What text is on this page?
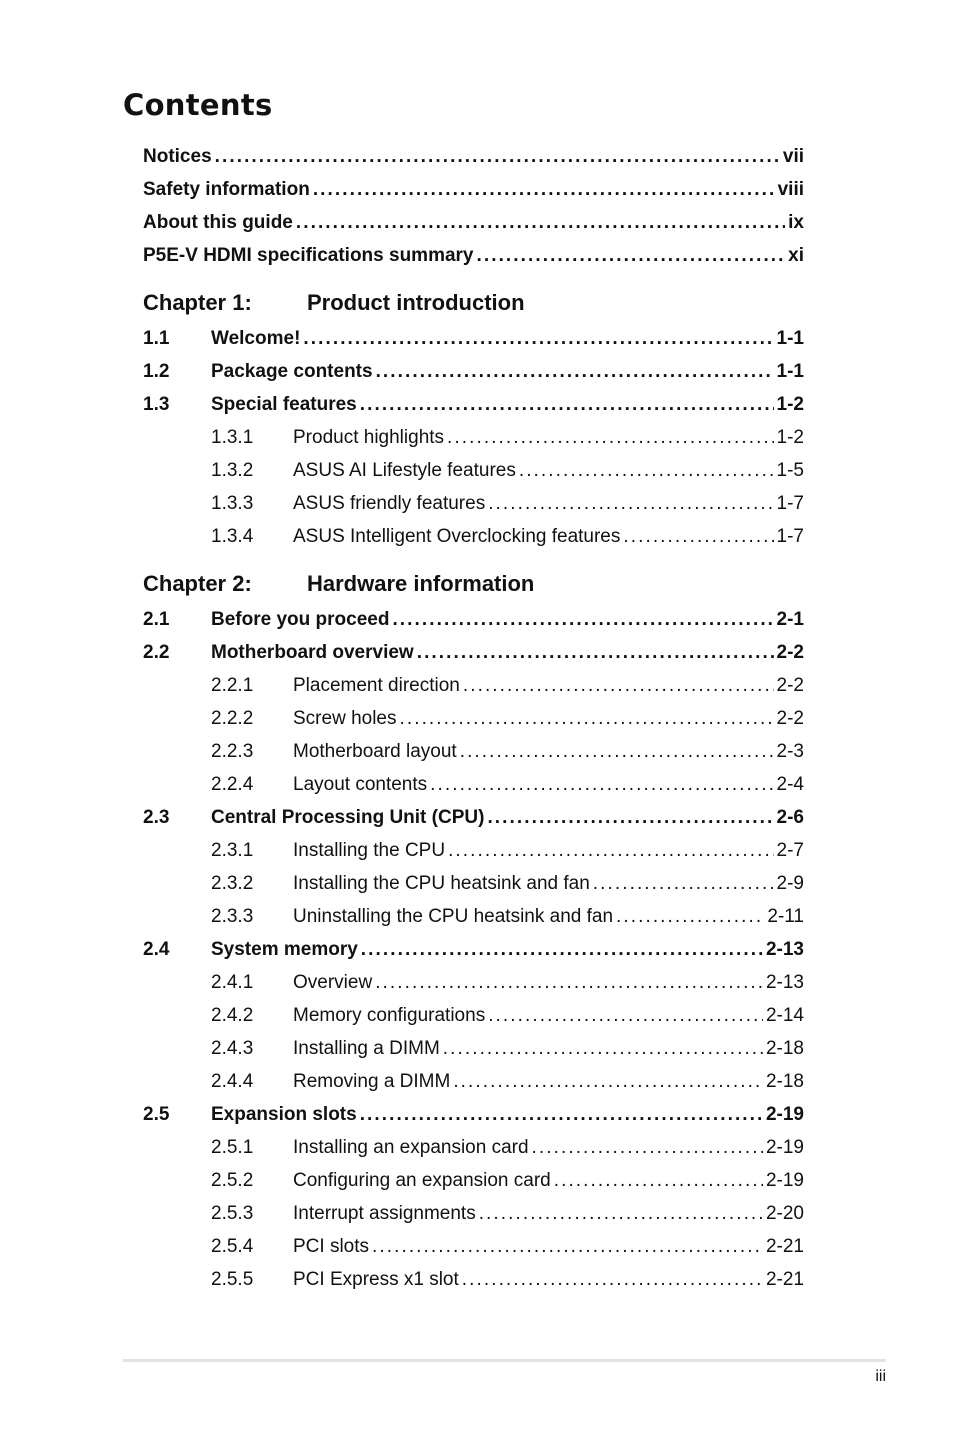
Contents
Notices . . .	vii
Safety information . . .	viii
About this guide . . .	ix
P5E-V HDMI specifications summary . . .	xi
Chapter 1:	Product introduction
1.1	Welcome! . . .	1-1
1.2	Package contents . . .	1-1
1.3	Special features . . .	1-2
1.3.1	Product highlights . . .	1-2
1.3.2	ASUS AI Lifestyle features . . .	1-5
1.3.3	ASUS friendly features . . .	1-7
1.3.4	ASUS Intelligent Overclocking features . . .	1-7
Chapter 2:	Hardware information
2.1	Before you proceed . . .	2-1
2.2	Motherboard overview . . .	2-2
2.2.1	Placement direction . . .	2-2
2.2.2	Screw holes . . .	2-2
2.2.3	Motherboard layout . . .	2-3
2.2.4	Layout contents . . .	2-4
2.3	Central Processing Unit (CPU) . . .	2-6
2.3.1	Installing the CPU . . .	2-7
2.3.2	Installing the CPU heatsink and fan . . .	2-9
2.3.3	Uninstalling the CPU heatsink and fan . . .	2-11
2.4	System memory . . .	2-13
2.4.1	Overview . . .	2-13
2.4.2	Memory configurations . . .	2-14
2.4.3	Installing a DIMM . . .	2-18
2.4.4	Removing a DIMM . . .	2-18
2.5	Expansion slots . . .	2-19
2.5.1	Installing an expansion card . . .	2-19
2.5.2	Configuring an expansion card . . .	2-19
2.5.3	Interrupt assignments . . .	2-20
2.5.4	PCI slots . . .	2-21
2.5.5	PCI Express x1 slot . . .	2-21
iii
